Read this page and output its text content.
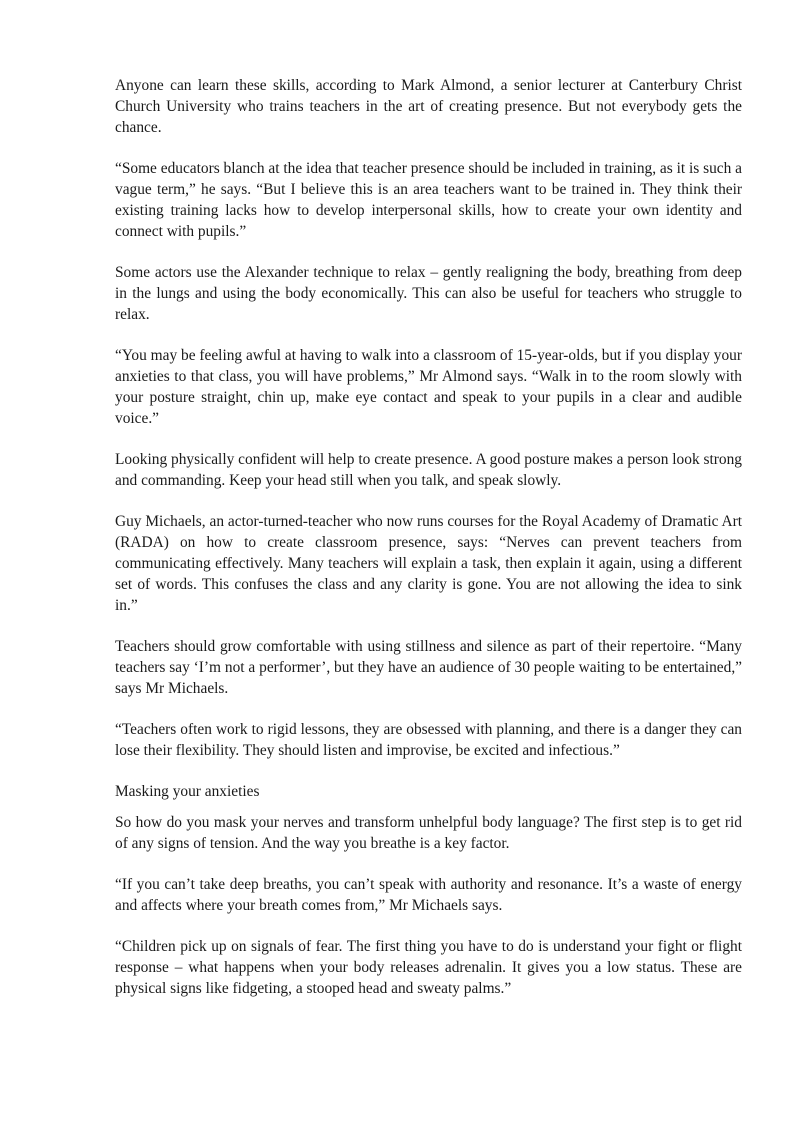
Anyone can learn these skills, according to Mark Almond, a senior lecturer at Canterbury Christ Church University who trains teachers in the art of creating presence. But not everybody gets the chance.

“Some educators blanch at the idea that teacher presence should be included in training, as it is such a vague term,” he says. “But I believe this is an area teachers want to be trained in. They think their existing training lacks how to develop interpersonal skills, how to create your own identity and connect with pupils.”

Some actors use the Alexander technique to relax – gently realigning the body, breathing from deep in the lungs and using the body economically. This can also be useful for teachers who struggle to relax.

“You may be feeling awful at having to walk into a classroom of 15-year-olds, but if you display your anxieties to that class, you will have problems,” Mr Almond says. “Walk in to the room slowly with your posture straight, chin up, make eye contact and speak to your pupils in a clear and audible voice.”

Looking physically confident will help to create presence. A good posture makes a person look strong and commanding. Keep your head still when you talk, and speak slowly.

Guy Michaels, an actor-turned-teacher who now runs courses for the Royal Academy of Dramatic Art (RADA) on how to create classroom presence, says: “Nerves can prevent teachers from communicating effectively. Many teachers will explain a task, then explain it again, using a different set of words. This confuses the class and any clarity is gone. You are not allowing the idea to sink in.”

Teachers should grow comfortable with using stillness and silence as part of their repertoire. “Many teachers say ‘I’m not a performer’, but they have an audience of 30 people waiting to be entertained,” says Mr Michaels.

“Teachers often work to rigid lessons, they are obsessed with planning, and there is a danger they can lose their flexibility. They should listen and improvise, be excited and infectious.”

Masking your anxieties

So how do you mask your nerves and transform unhelpful body language? The first step is to get rid of any signs of tension. And the way you breathe is a key factor.

“If you can’t take deep breaths, you can’t speak with authority and resonance. It’s a waste of energy and affects where your breath comes from,” Mr Michaels says.

“Children pick up on signals of fear. The first thing you have to do is understand your fight or flight response – what happens when your body releases adrenalin. It gives you a low status. These are physical signs like fidgeting, a stooped head and sweaty palms.”
